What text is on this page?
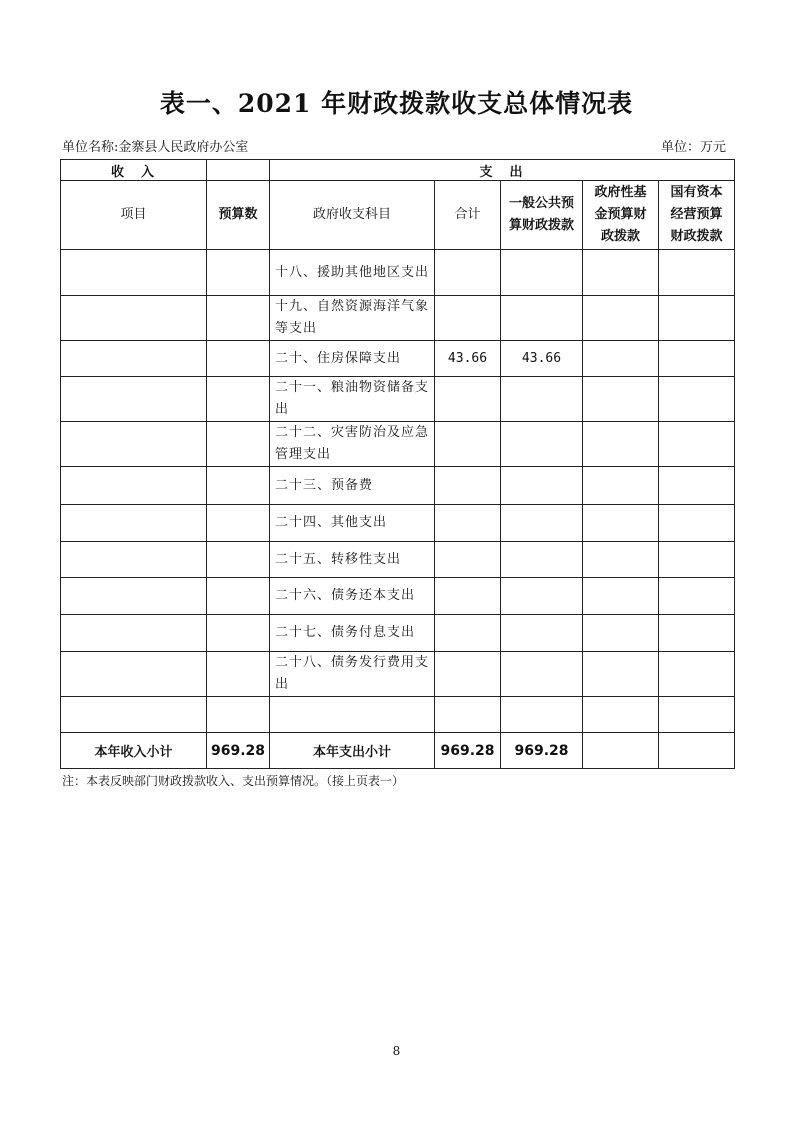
表一、2021 年财政拨款收支总体情况表
单位名称:金寨县人民政府办公室	单位：万元
收　入		支　出				
项目	预算数	政府收支科目	合计	一般公共预算财政拨款	政府性基金预算财政拨款	国有资本经营预算财政拨款
		十八、援助其他地区支出				
		十九、自然资源海洋气象等支出				
		二十、住房保障支出	43.66	43.66		
		二十一、粮油物资储备支出				
		二十二、灾害防治及应急管理支出				
		二十三、预备费				
		二十四、其他支出				
		二十五、转移性支出				
		二十六、债务还本支出				
		二十七、债务付息支出				
		二十八、债务发行费用支出				

本年收入小计	969.28	本年支出小计	969.28	969.28		
注：本表反映部门财政拨款收入、支出预算情况。（接上页表一）
8
